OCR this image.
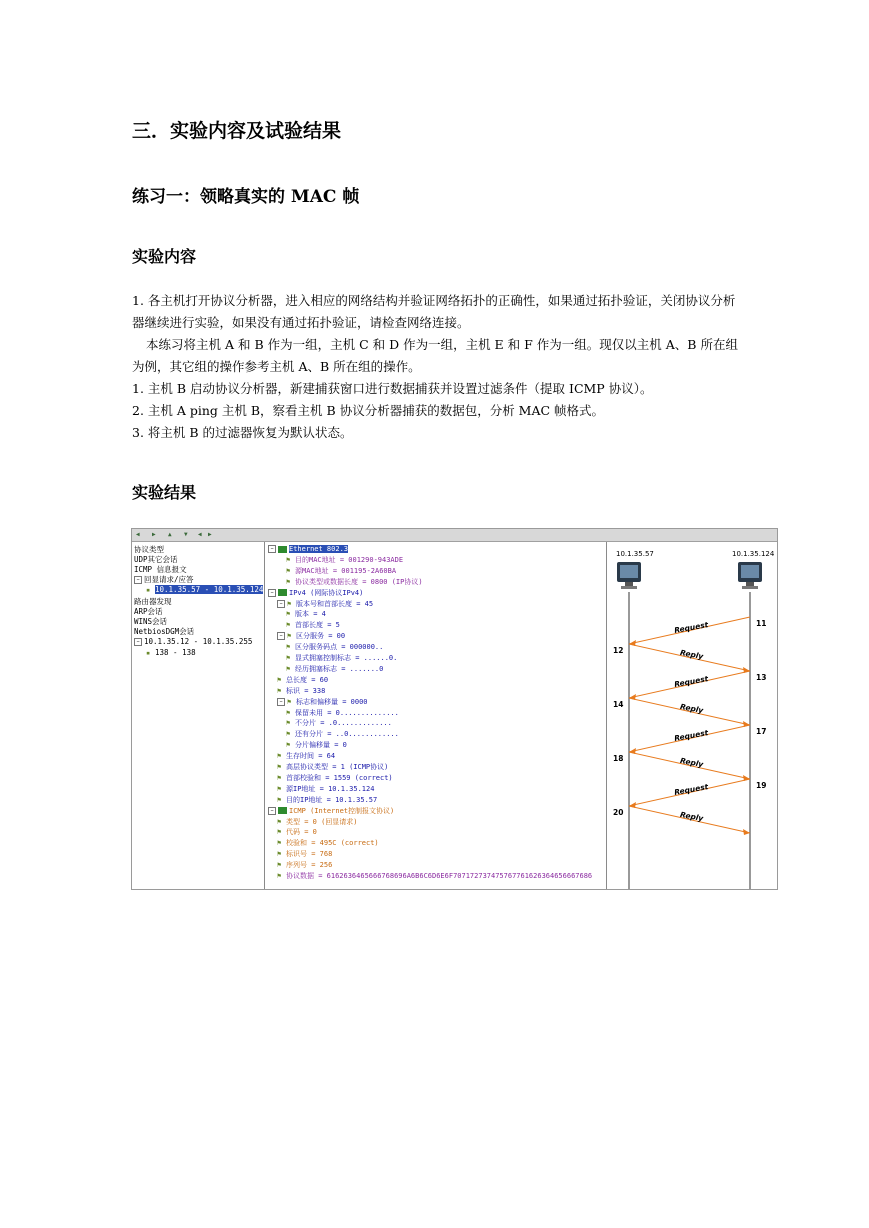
三．实验内容及试验结果
练习一：领略真实的 MAC 帧
实验内容

1. 各主机打开协议分析器，进入相应的网络结构并验证网络拓扑的正确性，如果通过拓扑验证，关闭协议分析器继续进行实验，如果没有通过拓扑验证，请检查网络连接。

本练习将主机 A 和 B 作为一组，主机 C 和 D 作为一组，主机 E 和 F 作为一组。现仅以主机 A、B 所在组为例，其它组的操作参考主机 A、B 所在组的操作。

1. 主机 B 启动协议分析器，新建捕获窗口进行数据捕获并设置过滤条件（提取 ICMP 协议）。

2. 主机 A ping 主机 B，察看主机 B 协议分析器捕获的数据包，分析 MAC 帧格式。

3. 将主机 B 的过滤器恢复为默认状态。

实验结果
◀	▶	▲	▼	◀	▶
协议类型
UDP其它会话
ICMP 信息报文
− 回显请求/应答
▪ 10.1.35.57 - 10.1.35.124
路由器发现
ARP会话
WINS会话
NetbiosDGM会话
− 10.1.35.12 - 10.1.35.255
▪ 138 - 138
− Ethernet 802.3
⚑ 目的MAC地址 = 001290-943ADE
⚑ 源MAC地址 = 001195-2A60BA
⚑ 协议类型或数据长度 = 0800 (IP协议)
− IPv4 (网际协议IPv4)
− ⚑ 版本号和首部长度 = 45
⚑ 版本 = 4
⚑ 首部长度 = 5
− ⚑ 区分服务 = 00
⚑ 区分服务码点 = 000000..
⚑ 显式拥塞控制标志 = ......0.
⚑ 经历拥塞标志 = .......0
⚑ 总长度 = 60
⚑ 标识 = 338
− ⚑ 标志和偏移量 = 0000
⚑ 保留未用 = 0..............
⚑ 不分片 = .0.............
⚑ 还有分片 = ..0............
⚑ 分片偏移量 = 0
⚑ 生存时间 = 64
⚑ 高层协议类型 = 1 (ICMP协议)
⚑ 首部校验和 = 1559 (correct)
⚑ 源IP地址 = 10.1.35.124
⚑ 目的IP地址 = 10.1.35.57
− ICMP (Internet控制报文协议)
⚑ 类型 = 0 (回显请求)
⚑ 代码 = 0
⚑ 校验和 = 495C (correct)
⚑ 标识号 = 768
⚑ 序列号 = 256
⚑ 协议数据 = 6162636465666768696A6B6C6D6E6F707172737475767761626364656667686
10.1.35.57	10.1.35.124
11
12
13
14
17
18
19
20
Request
Reply
Request
Reply
Request
Reply
Request
Reply
